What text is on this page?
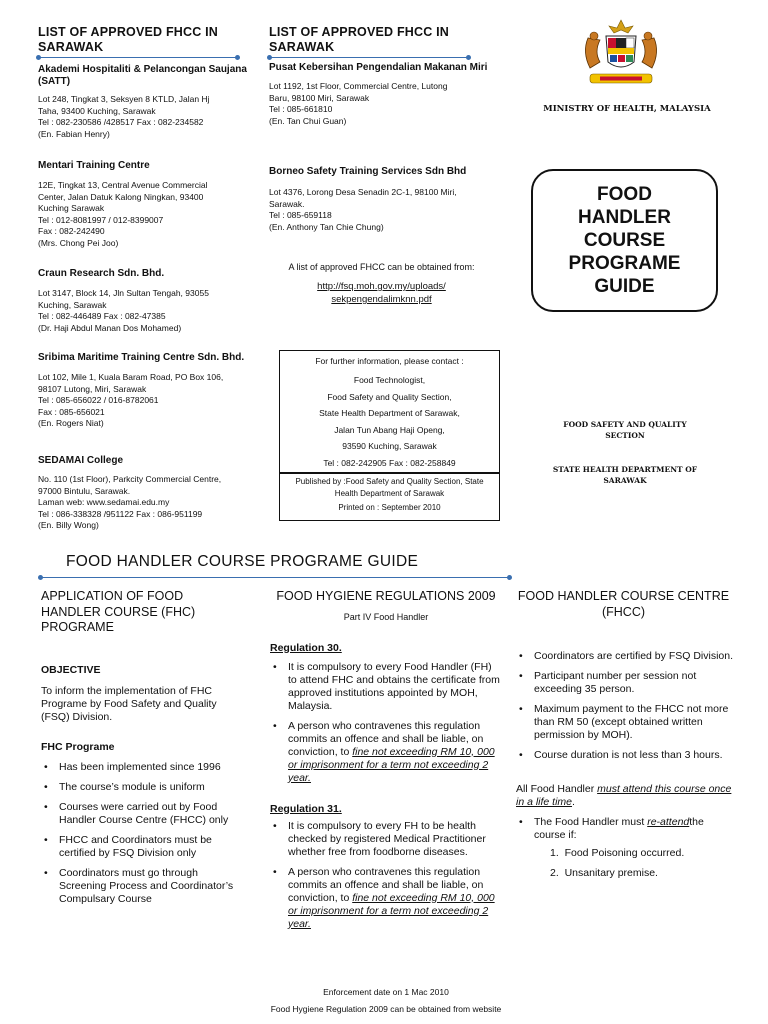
LIST OF APPROVED FHCC IN SARAWAK
Akademi Hospitaliti & Pelancongan Saujana (SATT)
Lot 248, Tingkat 3, Seksyen 8 KTLD, Jalan Hj
Taha, 93400 Kuching, Sarawak
Tel : 082-230586 /428517 Fax : 082-234582
(En. Fabian Henry)
Mentari Training Centre
12E, Tingkat 13, Central Avenue Commercial
Center, Jalan Datuk Kalong Ningkan, 93400
Kuching Sarawak
Tel : 012-8081997 / 012-8399007
Fax : 082-242490
(Mrs. Chong Pei Joo)
Craun Research Sdn. Bhd.
Lot 3147, Block 14, Jln Sultan Tengah, 93055
Kuching, Sarawak
Tel : 082-446489 Fax : 082-47385
(Dr. Haji Abdul Manan Dos Mohamed)
Sribima Maritime Training Centre Sdn. Bhd.
Lot 102, Mile 1, Kuala Baram Road, PO Box 106,
98107 Lutong, Miri, Sarawak
Tel : 085-656022 / 016-8782061
Fax : 085-656021
(En. Rogers Niat)
SEDAMAI College
No. 110 (1st Floor), Parkcity Commercial Centre,
97000 Bintulu, Sarawak.
Laman web: www.sedamai.edu.my
Tel : 086-338328 /951122 Fax : 086-951199
(En. Billy Wong)
LIST OF APPROVED FHCC IN SARAWAK
Pusat Kebersihan Pengendalian Makanan Miri
Lot 1192, 1st Floor, Commercial Centre, Lutong
Baru, 98100 Miri, Sarawak
Tel : 085-661810
(En. Tan Chui Guan)
Borneo Safety Training Services Sdn Bhd
Lot 4376, Lorong Desa Senadin 2C-1, 98100 Miri,
Sarawak.
Tel : 085-659118
(En. Anthony Tan Chie Chung)
A list of approved FHCC can be obtained from:
http://fsq.moh.gov.my/uploads/
sekpengendalimknn.pdf
For further information, please contact :
Food Technologist,
Food Safety and Quality Section,
State Health Department of Sarawak,
Jalan Tun Abang Haji Openg,
93590 Kuching, Sarawak
Tel : 082-242905 Fax : 082-258849
Published by :Food Safety and Quality Section, State Health Department of Sarawak
Printed on : September 2010
MINISTRY OF HEALTH, MALAYSIA
FOOD HANDLER COURSE PROGRAME GUIDE
FOOD SAFETY AND QUALITY SECTION
STATE HEALTH DEPARTMENT OF SARAWAK
FOOD HANDLER COURSE PROGRAME GUIDE
APPLICATION OF FOOD HANDLER COURSE (FHC) PROGRAME
OBJECTIVE
To inform the implementation of FHC Programe by Food Safety and Quality (FSQ) Division.
FHC Programe
• Has been implemented since 1996
• The course’s module is uniform
• Courses were carried out by Food Handler Course Centre (FHCC) only
• FHCC and Coordinators must be certified by FSQ Division only
• Coordinators must go through Screening Process and Coordinator’s Compulsary Course
FOOD HYGIENE REGULATIONS 2009
Part IV Food Handler
Regulation 30.
• It is compulsory to every Food Handler (FH) to attend FHC and obtains the certificate from approved institutions appointed by MOH, Malaysia.
• A person who contravenes this regulation commits an offence and shall be liable, on conviction, to fine not exceeding RM 10, 000 or imprisonment for a term not exceeding 2 year.
Regulation 31.
• It is compulsory to every FH to be health checked by registered Medical Practitioner whether free from foodborne diseases.
• A person who contravenes this regulation commits an offence and shall be liable, on conviction, to fine not exceeding RM 10, 000 or imprisonment for a term not exceeding 2 year.
Enforcement date on 1 Mac 2010
Food Hygiene Regulation 2009 can be obtained from website
FOOD HANDLER COURSE CENTRE (FHCC)
• Coordinators are certified by FSQ Division.
• Participant number per session not exceeding 35 person.
• Maximum payment to the FHCC not more than RM 50 (except obtained written permission by MOH).
• Course duration is not less than 3 hours.
All Food Handler must attend this course once in a life time.
• The Food Handler must re-attendthe course if:
1.  Food Poisoning occurred.
2.  Unsanitary premise.
